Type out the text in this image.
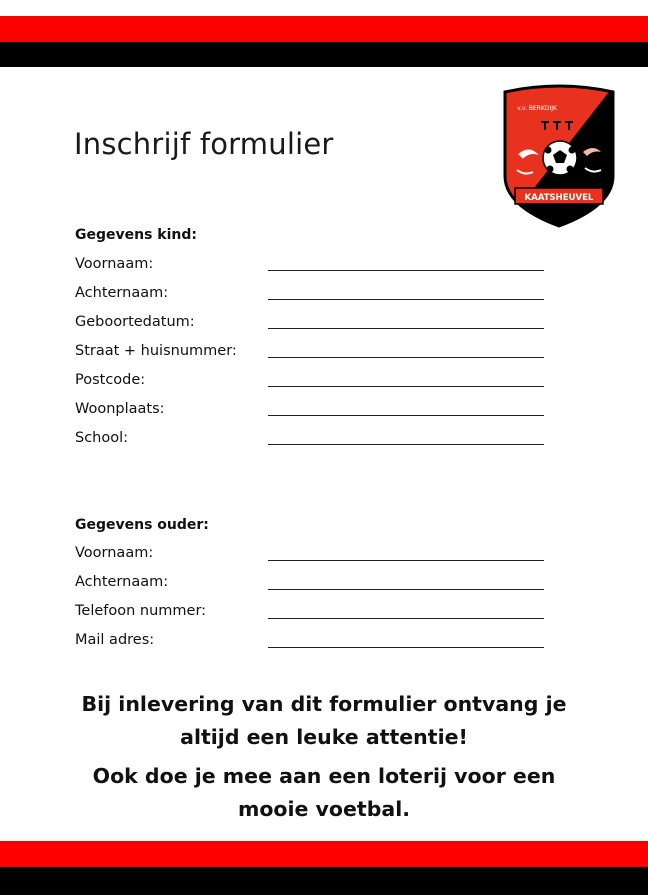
Inschrijf formulier
v.v. BERKDIJK
KAATSHEUVEL
Gegevens kind:
Voornaam:
Achternaam:
Geboortedatum:
Straat + huisnummer:
Postcode:
Woonplaats:
School:
Gegevens ouder:
Voornaam:
Achternaam:
Telefoon nummer:
Mail adres:
Bij inlevering van dit formulier ontvang je
altijd een leuke attentie!
Ook doe je mee aan een loterij voor een
mooie voetbal.
